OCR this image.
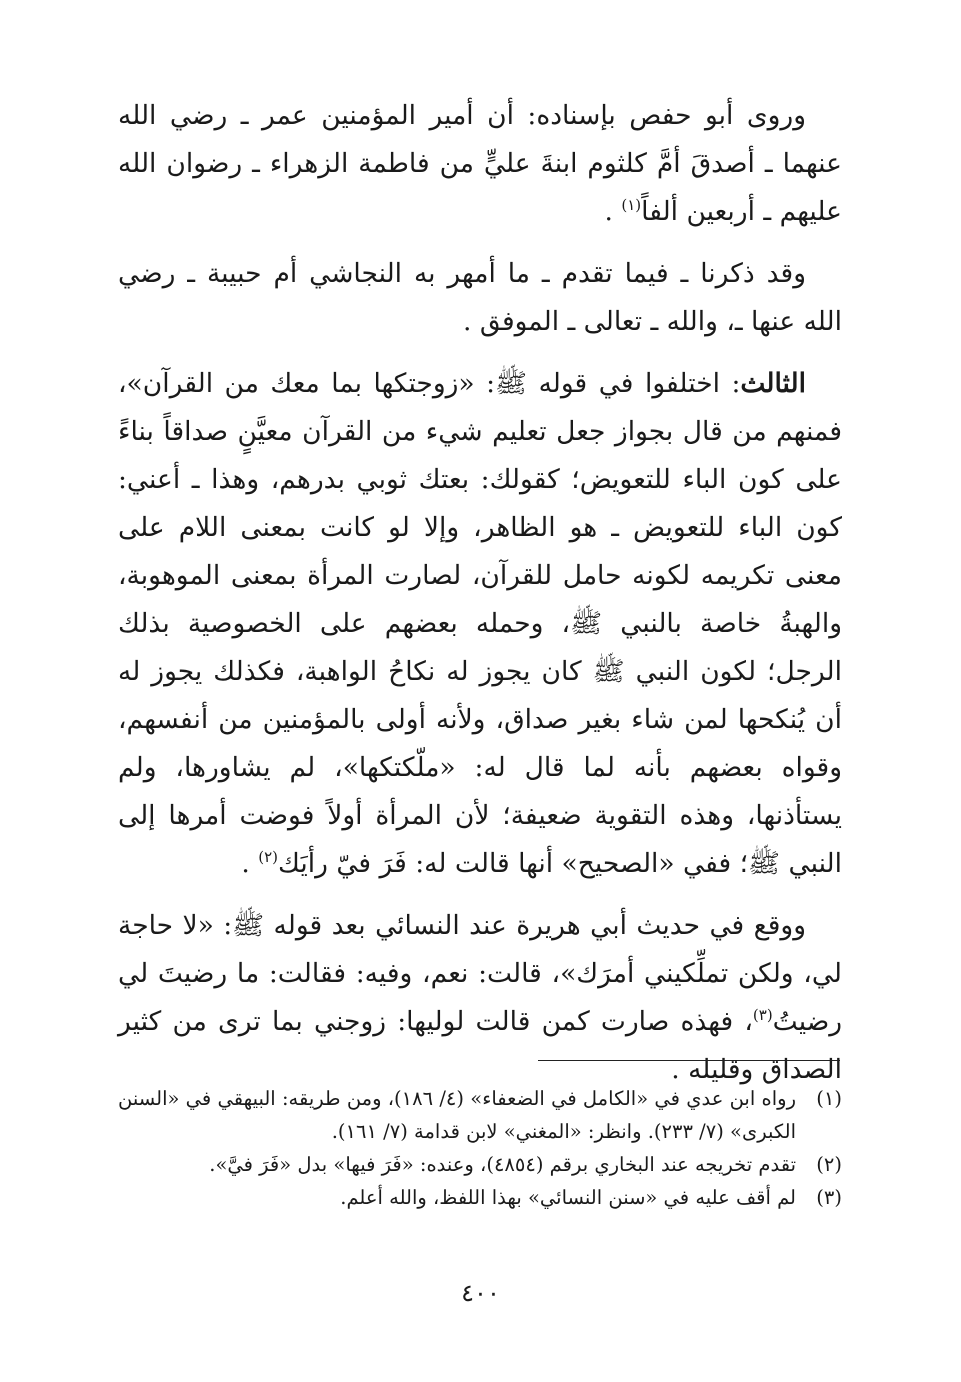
وروى أبو حفص بإسناده: أن أمير المؤمنين عمر ـ رضي الله عنهما ـ أصدقَ أمَّ كلثوم ابنةَ عليٍّ من فاطمة الزهراء ـ رضوان الله عليهم ـ أربعين ألفاً$^{(١)}$ .

وقد ذكرنا ـ فيما تقدم ـ ما أمهر به النجاشي أم حبيبة ـ رضي الله عنها ـ، والله ـ تعالى ـ الموفق .

الثالث: اختلفوا في قوله ﷺ: «زوجتكها بما معك من القرآن»، فمنهم من قال بجواز جعل تعليم شيء من القرآن معيَّنٍ صداقاً بناءً على كون الباء للتعويض؛ كقولك: بعتك ثوبي بدرهم، وهذا ـ أعني: كون الباء للتعويض ـ هو الظاهر، وإلا لو كانت بمعنى اللام على معنى تكريمه لكونه حامل للقرآن، لصارت المرأة بمعنى الموهوبة، والهبةُ خاصة بالنبي ﷺ، وحمله بعضهم على الخصوصية بذلك الرجل؛ لكون النبي ﷺ كان يجوز له نكاحُ الواهبة، فكذلك يجوز له أن يُنكحها لمن شاء بغير صداق، ولأنه أولى بالمؤمنين من أنفسهم، وقواه بعضهم بأنه لما قال له: «ملّكتكها»، لم يشاورها، ولم يستأذنها، وهذه التقوية ضعيفة؛ لأن المرأة أولاً فوضت أمرها إلى النبي ﷺ؛ ففي «الصحيح» أنها قالت له: فَرَ فيّ رأيَك$^{(٢)}$ .

ووقع في حديث أبي هريرة عند النسائي بعد قوله ﷺ: «لا حاجة لي، ولكن تملِّكيني أمرَك»، قالت: نعم، وفيه: فقالت: ما رضيتَ لي رضيتُ$^{(٣)}$، فهذه صارت كمن قالت لوليها: زوجني بما ترى من كثير الصداق وقليله .

(١)
رواه ابن عدي في «الكامل في الضعفاء» (٤/ ١٨٦)، ومن طريقه: البيهقي في «السنن الكبرى» (٧/ ٢٣٣). وانظر: «المغني» لابن قدامة (٧/ ١٦١).
(٢)
تقدم تخريجه عند البخاري برقم (٤٨٥٤)، وعنده: «فَرَ فيها» بدل «فَرَ فيَّ».
(٣)
لم أقف عليه في «سنن النسائي» بهذا اللفظ، والله أعلم.
٤٠٠
